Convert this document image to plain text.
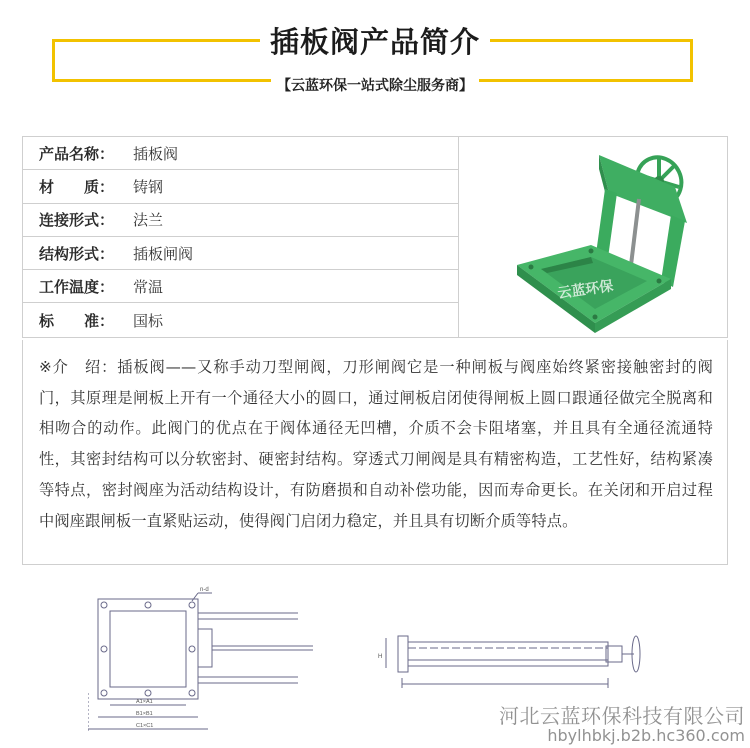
插板阀产品简介
【云蓝环保一站式除尘服务商】
产品名称：	插板阀
材　　质：	铸钢
连接形式：	法兰
结构形式：	插板闸阀
工作温度：	常温
标　　准：	国标
云蓝环保

※介　绍：插板阀——又称手动刀型闸阀，刀形闸阀它是一种闸板与阀座始终紧密接触密封的阀门，其原理是闸板上开有一个通径大小的圆口，通过闸板启闭使得闸板上圆口跟通径做完全脱离和相吻合的动作。此阀门的优点在于阀体通径无凹槽，介质不会卡阻堵塞，并且具有全通径流通特性，其密封结构可以分软密封、硬密封结构。穿透式刀闸阀是具有精密构造，工艺性好，结构紧凑等特点，密封阀座为活动结构设计，有防磨损和自动补偿功能，因而寿命更长。在关闭和开启过程中阀座跟闸板一直紧贴运动，使得阀门启闭力稳定，并且具有切断介质等特点。

n-d
A1×A1
B1×B1
C1×C1
H
河北云蓝环保科技有限公司
hbylhbkj.b2b.hc360.com
